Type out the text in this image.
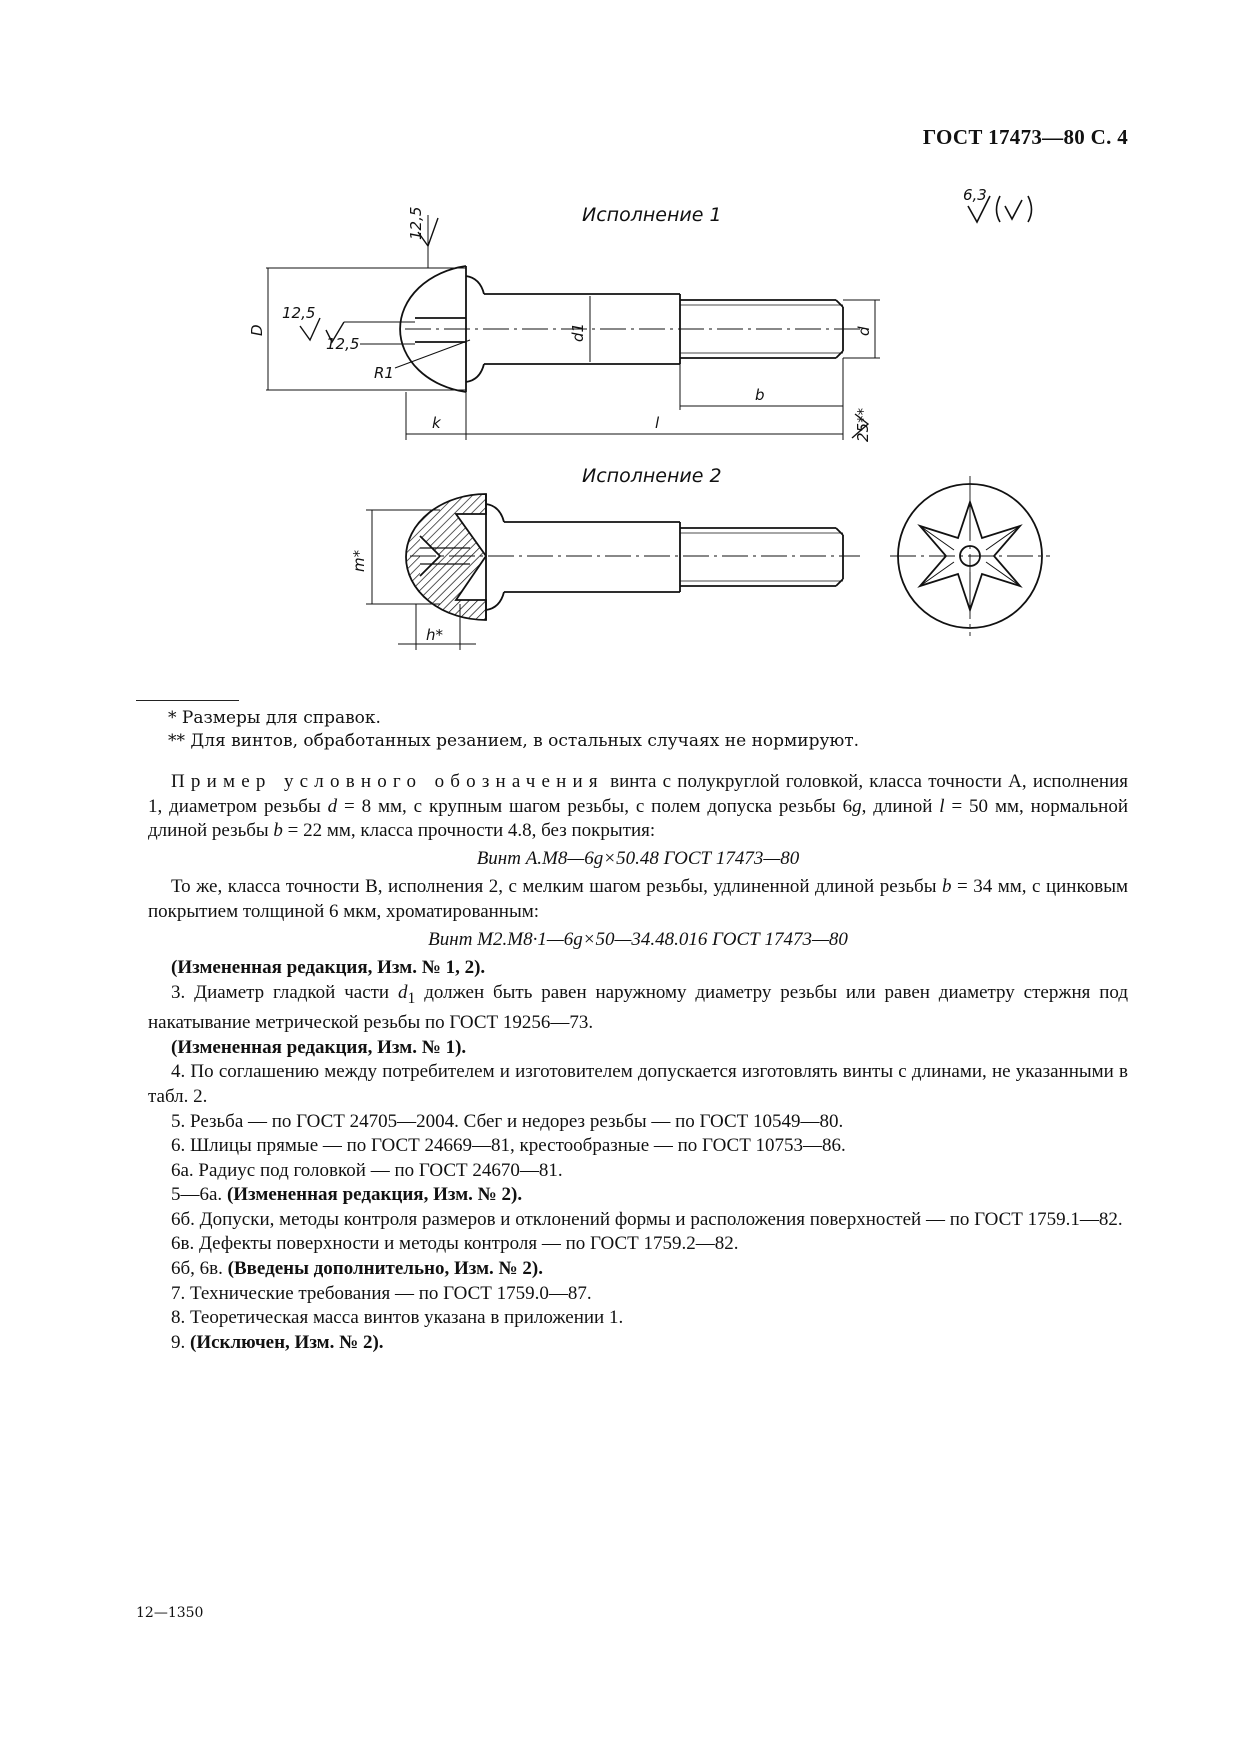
ГОСТ 17473—80 С. 4
Исполнение 1
Исполнение 2
6,3
12,5
12,5
12,5
D	d1	d
R1
b
k	l	25**
m*
h*
* Размеры для справок.
** Для винтов, обработанных резанием, в остальных случаях не нормируют.

Пример условного обозначения винта с полукруглой головкой, класса точности А, исполнения 1, диаметром резьбы d = 8 мм, с крупным шагом резьбы, с полем допуска резьбы 6g, длиной l = 50 мм, нормальной длиной резьбы b = 22 мм, класса прочности 4.8, без покрытия:

Винт А.М8—6g×50.48 ГОСТ 17473—80

То же, класса точности В, исполнения 2, с мелким шагом резьбы, удлиненной длиной резьбы b = 34 мм, с цинковым покрытием толщиной 6 мкм, хроматированным:

Винт М2.М8·1—6g×50—34.48.016 ГОСТ 17473—80

(Измененная редакция, Изм. № 1, 2).

3. Диаметр гладкой части $d_1$ должен быть равен наружному диаметру резьбы или равен диаметру стержня под накатывание метрической резьбы по ГОСТ 19256—73.

(Измененная редакция, Изм. № 1).

4. По соглашению между потребителем и изготовителем допускается изготовлять винты с длинами, не указанными в табл. 2.

5. Резьба — по ГОСТ 24705—2004. Сбег и недорез резьбы — по ГОСТ 10549—80.

6. Шлицы прямые — по ГОСТ 24669—81, крестообразные — по ГОСТ 10753—86.

6а. Радиус под головкой — по ГОСТ 24670—81.

5—6а. (Измененная редакция, Изм. № 2).

6б. Допуски, методы контроля размеров и отклонений формы и расположения поверхностей — по ГОСТ 1759.1—82.

6в. Дефекты поверхности и методы контроля — по ГОСТ 1759.2—82.

6б, 6в. (Введены дополнительно, Изм. № 2).

7. Технические требования — по ГОСТ 1759.0—87.

8. Теоретическая масса винтов указана в приложении 1.

9. (Исключен, Изм. № 2).

12—1350
